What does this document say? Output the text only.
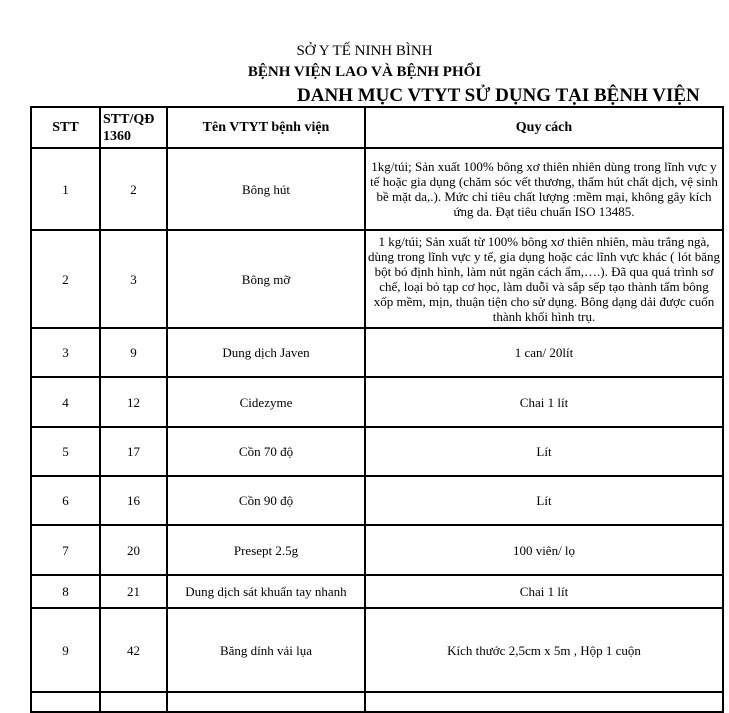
SỞ Y TẾ NINH BÌNH
BỆNH VIỆN LAO VÀ BỆNH PHỔI
DANH MỤC VTYT SỬ DỤNG TẠI BỆNH VIỆN
STT	STT/QĐ 1360	Tên VTYT bệnh viện	Quy cách
1	2	Bông hút	1kg/túi; Sản xuất 100% bông xơ thiên nhiên dùng trong lĩnh vực y tế hoặc gia dụng (chăm sóc vết thương, thấm hút chất dịch, vệ sinh bề mặt da,.). Mức chỉ tiêu chất lượng :mềm mại, không gây kích ứng da. Đạt tiêu chuẩn ISO 13485.
2	3	Bông mỡ	1 kg/túi; Sản xuất từ 100% bông xơ thiên nhiên, màu trắng ngà, dùng trong lĩnh vực y tế, gia dụng hoặc các lĩnh vực khác ( lót băng bột bó định hình, làm nút ngăn cách ẩm,….). Đã qua quá trình sơ chế, loại bỏ tạp cơ học, làm duỗi và sắp sếp tạo thành tấm bông xốp mềm, mịn, thuận tiện cho sử dụng. Bông dạng dải được cuốn thành khối hình trụ.
3	9	Dung dịch Javen	1 can/ 20lít
4	12	Cidezyme	Chai 1 lít
5	17	Cồn 70 độ	Lít
6	16	Cồn 90 độ	Lít
7	20	Presept 2.5g	100 viên/ lọ
8	21	Dung dịch sát khuẩn tay nhanh	Chai 1 lít
9	42	Băng dính vải lụa	Kích thước 2,5cm x 5m , Hộp 1 cuộn
